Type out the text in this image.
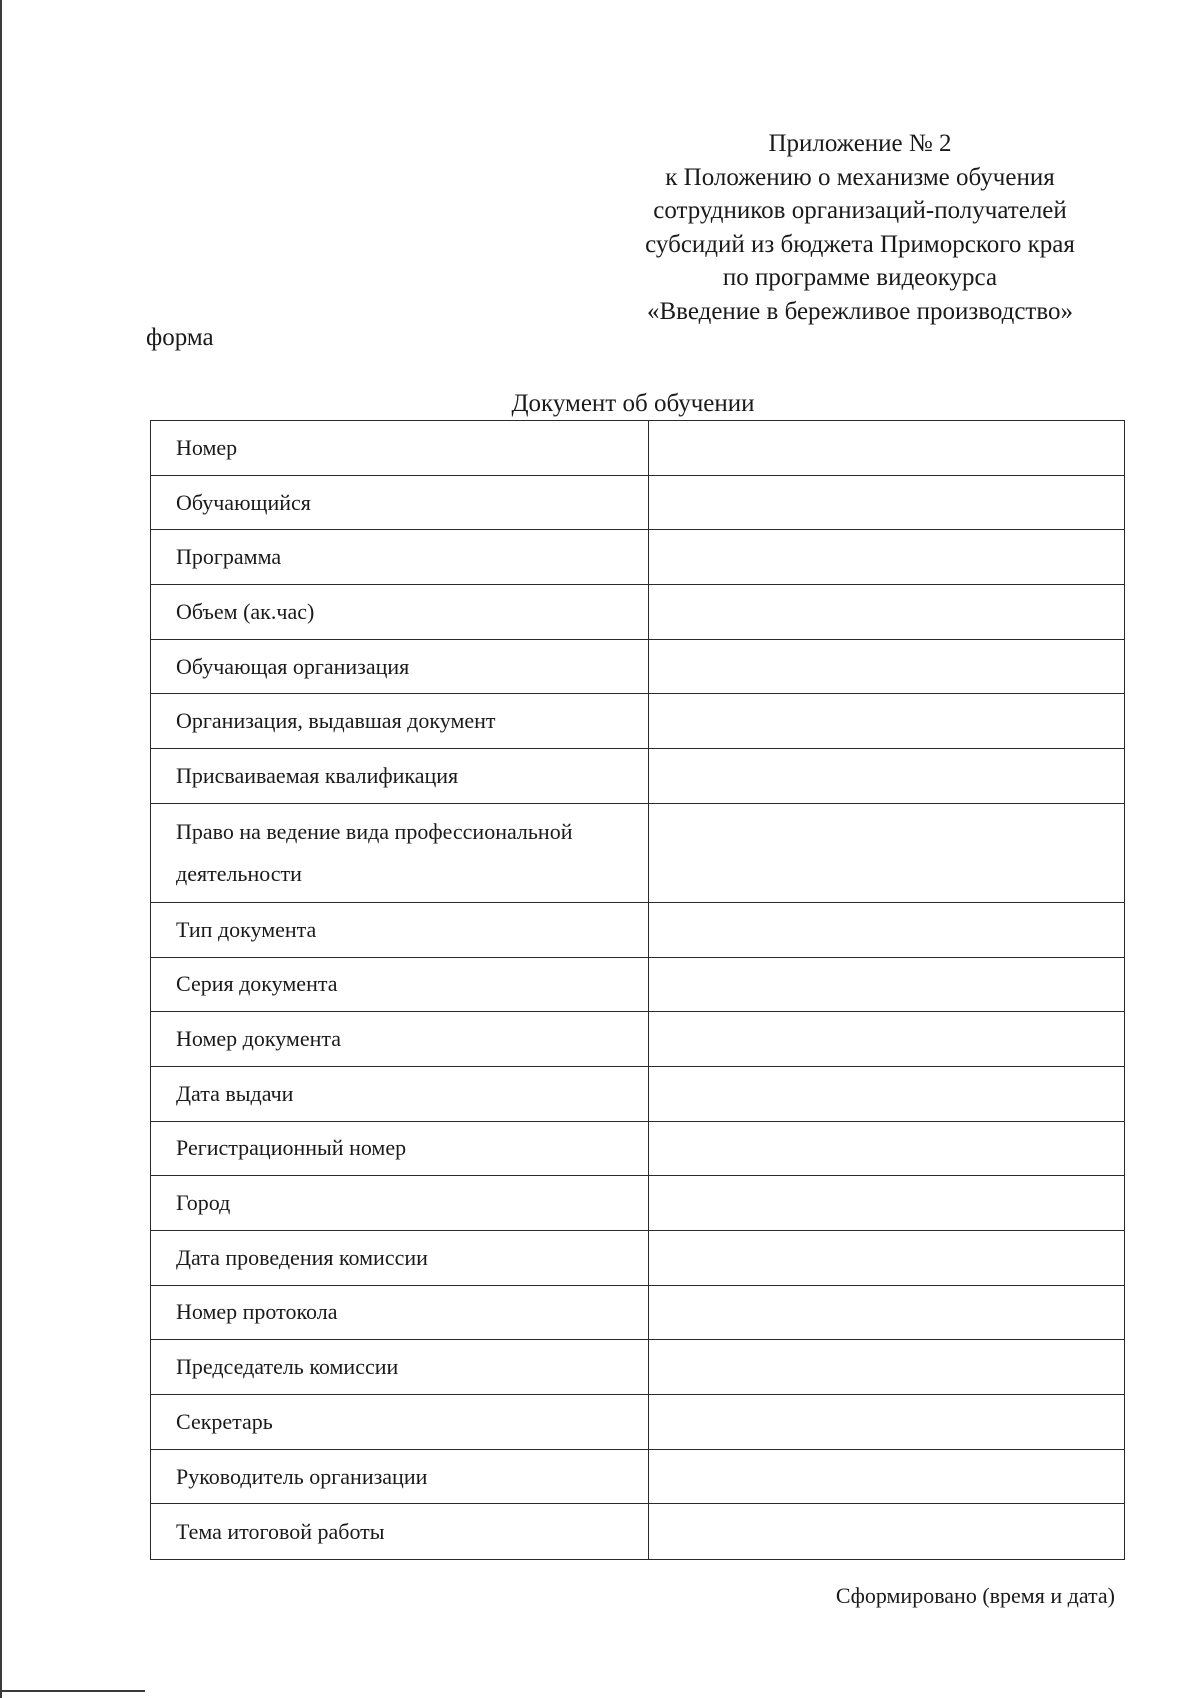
Приложение № 2
к Положению о механизме обучения
сотрудников организаций-получателей
субсидий из бюджета Приморского края
по программе видеокурса
«Введение в бережливое производство»
форма
Документ об обучении
Номер
Обучающийся
Программа
Объем (ак.час)
Обучающая организация
Организация, выдавшая документ
Присваиваемая квалификация
Право на ведение вида профессиональной деятельности
Тип документа
Серия документа
Номер документа
Дата выдачи
Регистрационный номер
Город
Дата проведения комиссии
Номер протокола
Председатель комиссии
Секретарь
Руководитель организации
Тема итоговой работы
Сформировано (время и дата)
